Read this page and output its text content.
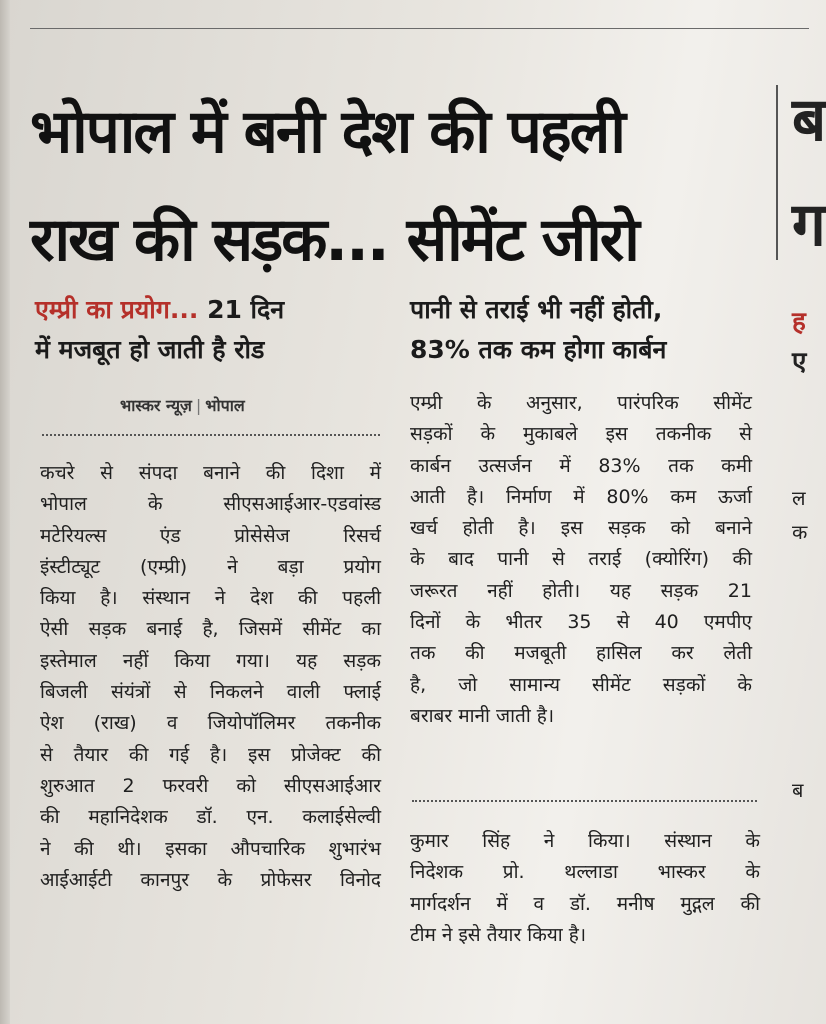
भोपाल में बनी देश की पहली
राख की सड़क... सीमेंट जीरो
ब
ग
ह
ए
ल
क
ब
एम्प्री का प्रयोग... 21 दिन
में मजबूत हो जाती है रोड
पानी से तराई भी नहीं होती,
83% तक कम होगा कार्बन
भास्कर न्यूज़ | भोपाल
कचरे से संपदा बनाने की दिशा में
भोपाल के सीएसआईआर-एडवांस्ड
मटेरियल्स एंड प्रोसेसेज रिसर्च
इंस्टीट्यूट (एम्प्री) ने बड़ा प्रयोग
किया है। संस्थान ने देश की पहली
ऐसी सड़क बनाई है, जिसमें सीमेंट का
इस्तेमाल नहीं किया गया। यह सड़क
बिजली संयंत्रों से निकलने वाली फ्लाई
ऐश (राख) व जियोपॉलिमर तकनीक
से तैयार की गई है। इस प्रोजेक्ट की
शुरुआत 2 फरवरी को सीएसआईआर
की महानिदेशक डॉ. एन. कलाईसेल्वी
ने की थी। इसका औपचारिक शुभारंभ
आईआईटी कानपुर के प्रोफेसर विनोद
एम्प्री के अनुसार, पारंपरिक सीमेंट
सड़कों के मुकाबले इस तकनीक से
कार्बन उत्सर्जन में 83% तक कमी
आती है। निर्माण में 80% कम ऊर्जा
खर्च होती है। इस सड़क को बनाने
के बाद पानी से तराई (क्योरिंग) की
जरूरत नहीं होती। यह सड़क 21
दिनों के भीतर 35 से 40 एमपीए
तक की मजबूती हासिल कर लेती
है, जो सामान्य सीमेंट सड़कों के
बराबर मानी जाती है।
कुमार सिंह ने किया। संस्थान के
निदेशक प्रो. थल्लाडा भास्कर के
मार्गदर्शन में व डॉ. मनीष मुद्गल की
टीम ने इसे तैयार किया है।
